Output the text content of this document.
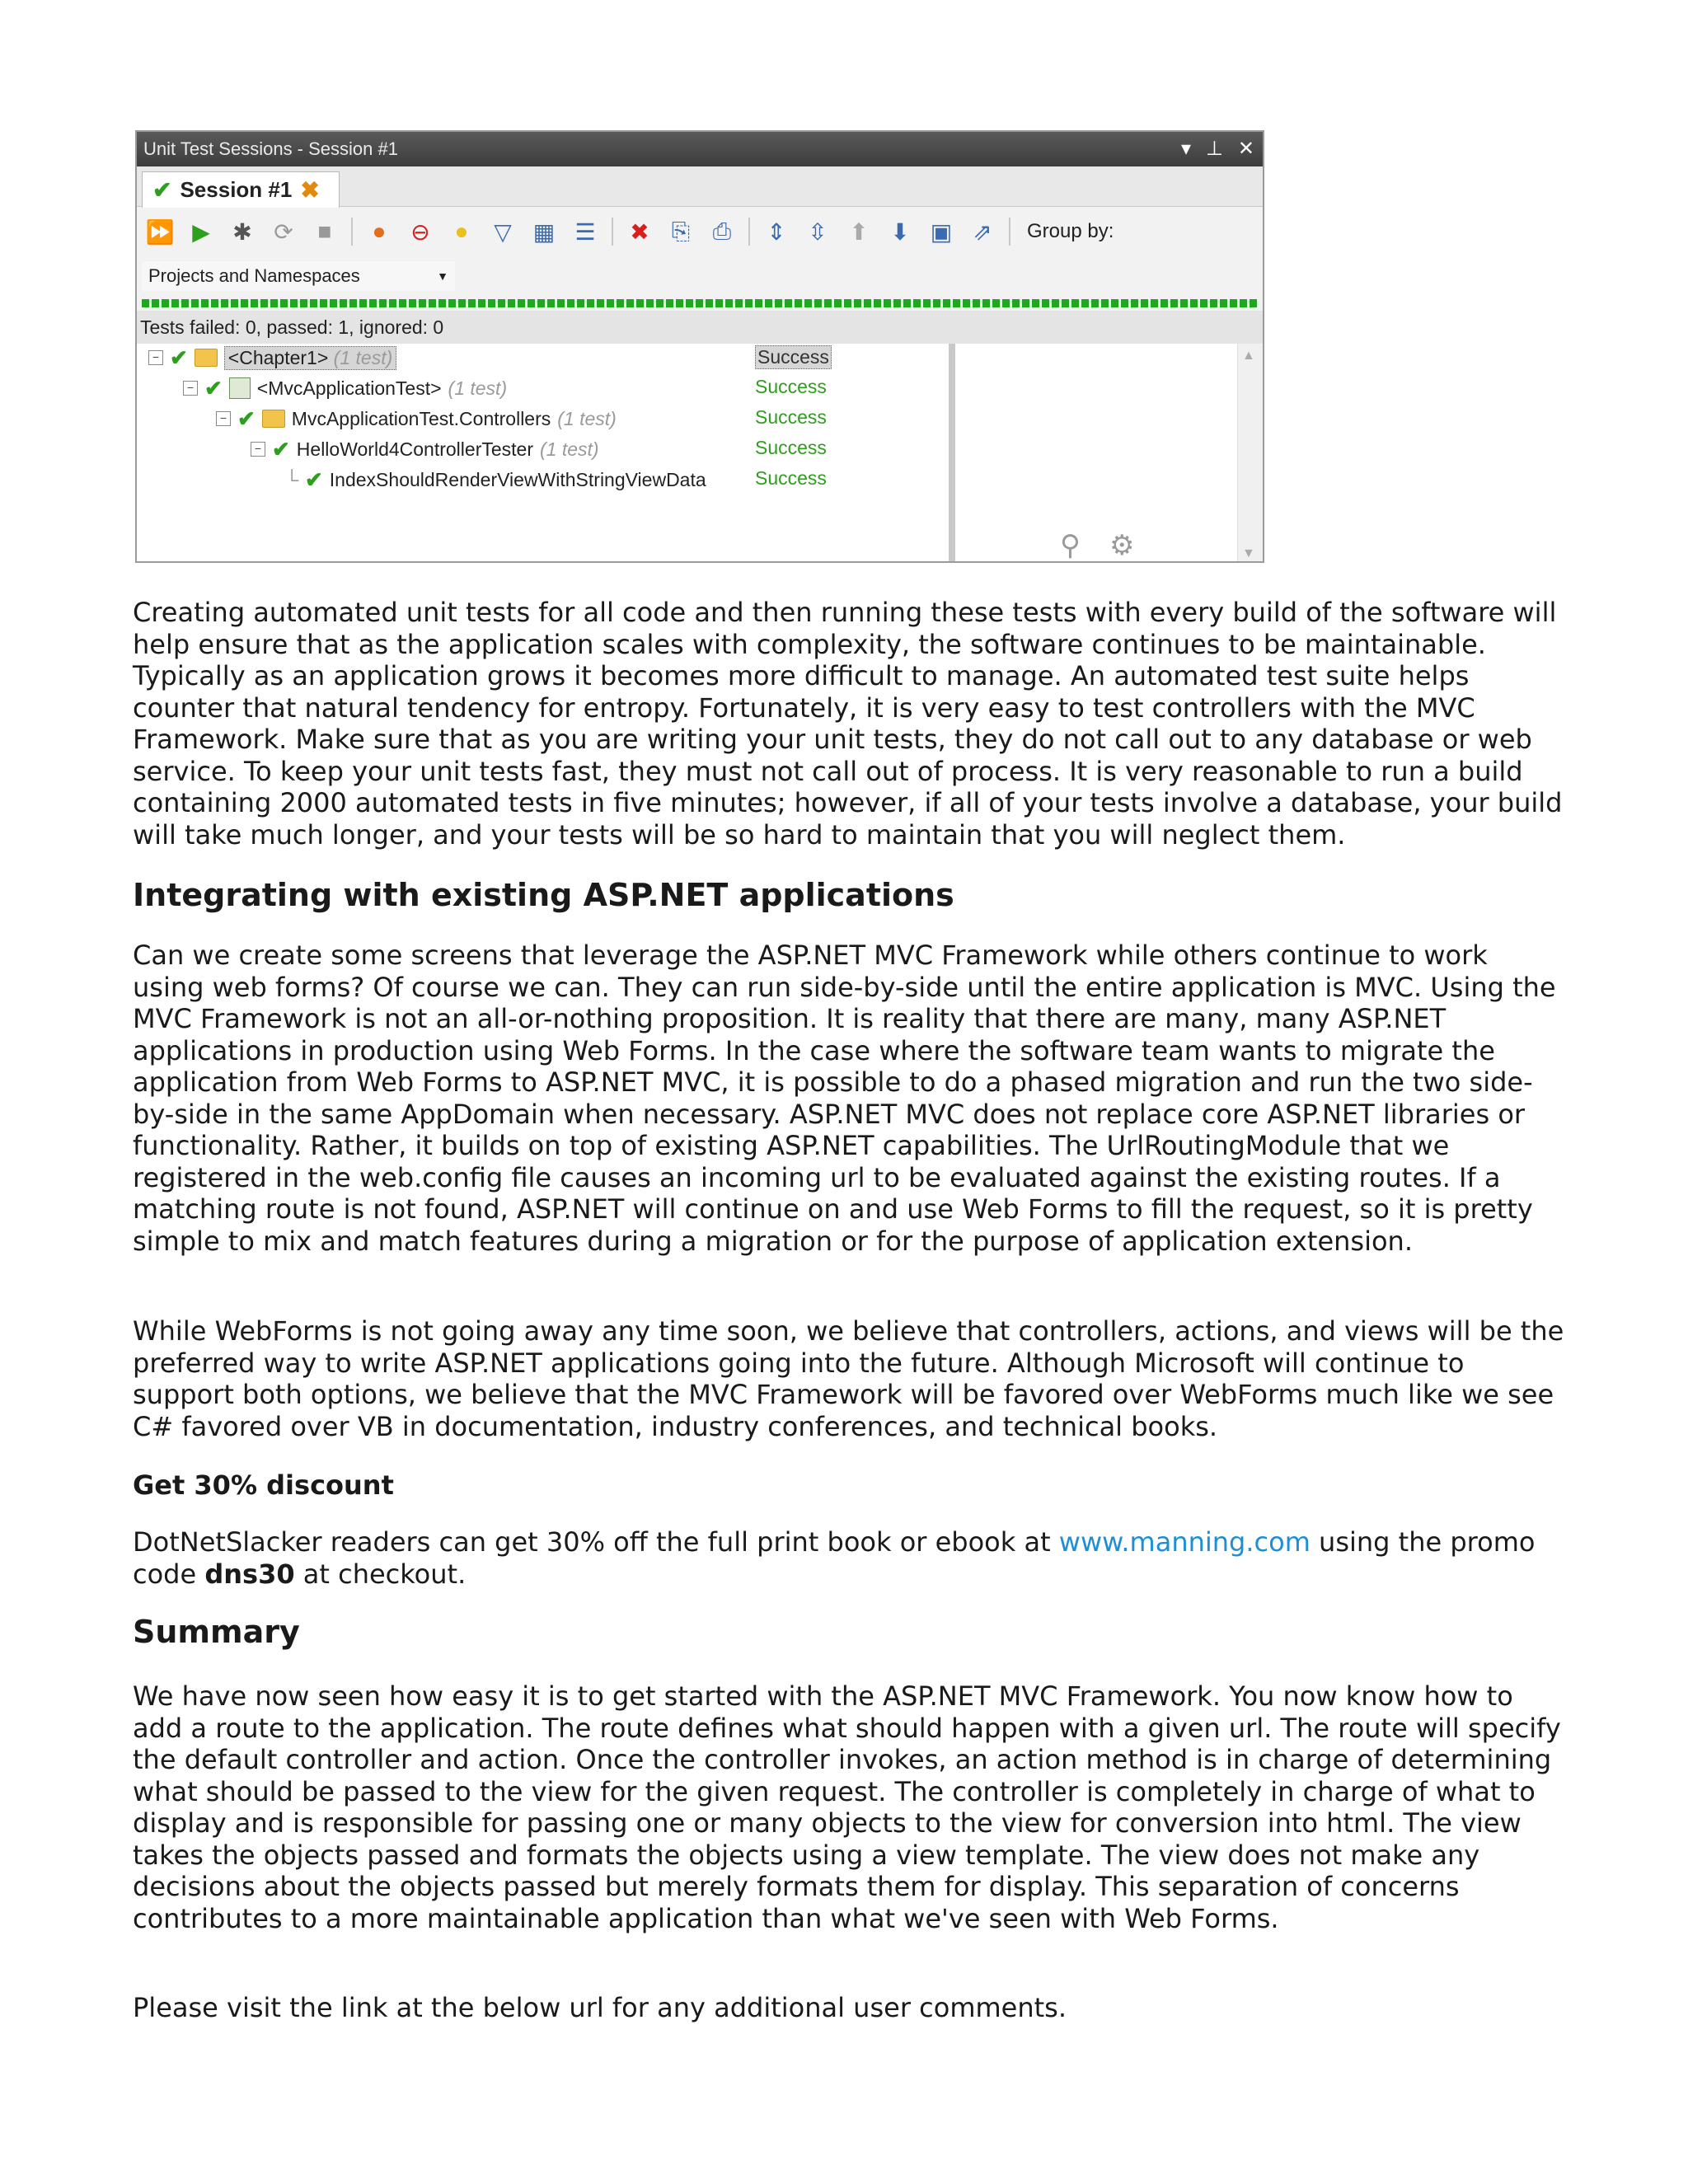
Unit Test Sessions - Session #1	▾ ⊥ ✕
✔ Session #1 ✖
⏩ ▶ ✱ ⟳	■	●	⊖	●	▽ ▦ ☰ ✖ ⎘ ⎙ ⇕ ⇳ ⬆ ⬇ ▣ ⇗ Group by:
Projects and Namespaces	▼
Tests failed: 0, passed: 1, ignored: 0
− ✔ <Chapter1> (1 test)	Success
− ✔ <MvcApplicationTest> (1 test)	Success
− ✔ MvcApplicationTest.Controllers (1 test)	Success
− ✔ HelloWorld4ControllerTester (1 test)	Success
└ ✔ IndexShouldRenderViewWithStringViewData	Success
▲
▼
⚲ ⚙

Creating automated unit tests for all code and then running these tests with every build of the software will help ensure that as the application scales with complexity, the software continues to be maintainable. Typically as an application grows it becomes more difficult to manage. An automated test suite helps counter that natural tendency for entropy. Fortunately, it is very easy to test controllers with the MVC Framework. Make sure that as you are writing your unit tests, they do not call out to any database or web service. To keep your unit tests fast, they must not call out of process. It is very reasonable to run a build containing 2000 automated tests in five minutes; however, if all of your tests involve a database, your build will take much longer, and your tests will be so hard to maintain that you will neglect them.

Integrating with existing ASP.NET applications

Can we create some screens that leverage the ASP.NET MVC Framework while others continue to work using web forms? Of course we can. They can run side-by-side until the entire application is MVC. Using the MVC Framework is not an all-or-nothing proposition. It is reality that there are many, many ASP.NET applications in production using Web Forms. In the case where the software team wants to migrate the application from Web Forms to ASP.NET MVC, it is possible to do a phased migration and run the two side-by-side in the same AppDomain when necessary. ASP.NET MVC does not replace core ASP.NET libraries or functionality. Rather, it builds on top of existing ASP.NET capabilities. The UrlRoutingModule that we registered in the web.config file causes an incoming url to be evaluated against the existing routes. If a matching route is not found, ASP.NET will continue on and use Web Forms to fill the request, so it is pretty simple to mix and match features during a migration or for the purpose of application extension.

While WebForms is not going away any time soon, we believe that controllers, actions, and views will be the preferred way to write ASP.NET applications going into the future. Although Microsoft will continue to support both options, we believe that the MVC Framework will be favored over WebForms much like we see C# favored over VB in documentation, industry conferences, and technical books.

Get 30% discount

DotNetSlacker readers can get 30% off the full print book or ebook at www.manning.com using the promo code dns30 at checkout.

Summary

We have now seen how easy it is to get started with the ASP.NET MVC Framework. You now know how to add a route to the application. The route defines what should happen with a given url. The route will specify the default controller and action. Once the controller invokes, an action method is in charge of determining what should be passed to the view for the given request. The controller is completely in charge of what to display and is responsible for passing one or many objects to the view for conversion into html. The view takes the objects passed and formats the objects using a view template. The view does not make any decisions about the objects passed but merely formats them for display. This separation of concerns contributes to a more maintainable application than what we've seen with Web Forms.

Please visit the link at the below url for any additional user comments.
